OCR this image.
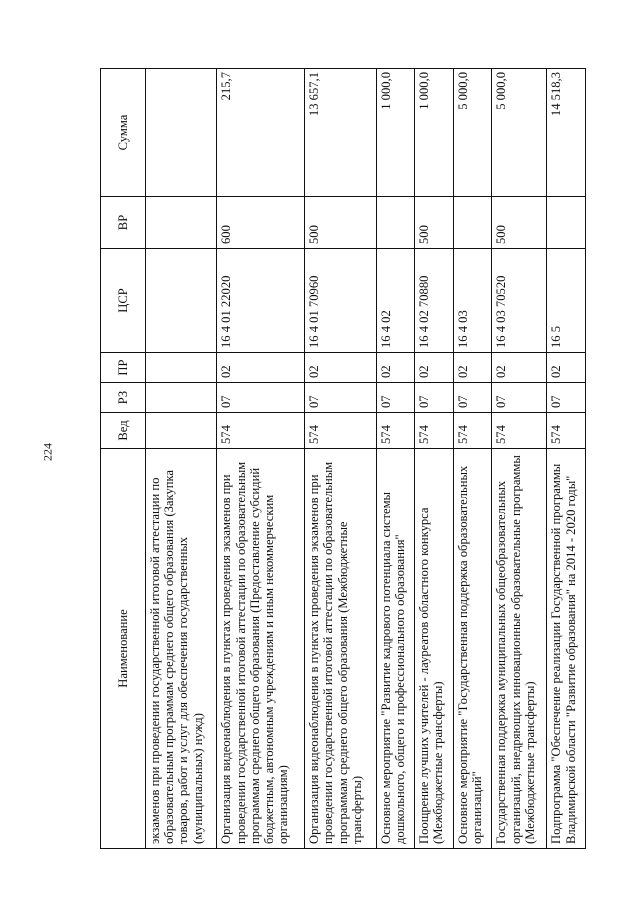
224
Наименование	Вед	РЗ	ПР	ЦСР	ВР	Сумма
экзаменов при проведении государственной итоговой аттестации по образовательным программам среднего общего образования (Закупка товаров, работ и услуг для обеспечения государственных (муниципальных) нужд)						
Организация видеонаблюдения в пунктах проведения экзаменов при проведении государственной итоговой аттестации по образовательным программам среднего общего образования (Предоставление субсидий бюджетным, автономным учреждениям и иным некоммерческим организациям)	574	07	02	16 4 01 22020	600	215,7
Организация видеонаблюдения в пунктах проведения экзаменов при проведении государственной итоговой аттестации по образовательным программам среднего общего образования (Межбюджетные трансферты)	574	07	02	16 4 01 70960	500	13 657,1
Основное мероприятие "Развитие кадрового потенциала системы дошкольного, общего и профессионального образования"	574	07	02	16 4 02		1 000,0
Поощрение лучших учителей - лауреатов областного конкурса (Межбюджетные трансферты)	574	07	02	16 4 02 70880	500	1 000,0
Основное мероприятие "Государственная поддержка образовательных организаций"	574	07	02	16 4 03		5 000,0
Государственная поддержка муниципальных общеобразовательных организаций, внедряющих инновационные образовательные программы (Межбюджетные трансферты)	574	07	02	16 4 03 70520	500	5 000,0
Подпрограмма "Обеспечение реализации Государственной программы Владимирской области "Развитие образования" на 2014 - 2020 годы"	574	07	02	16 5		14 518,3
